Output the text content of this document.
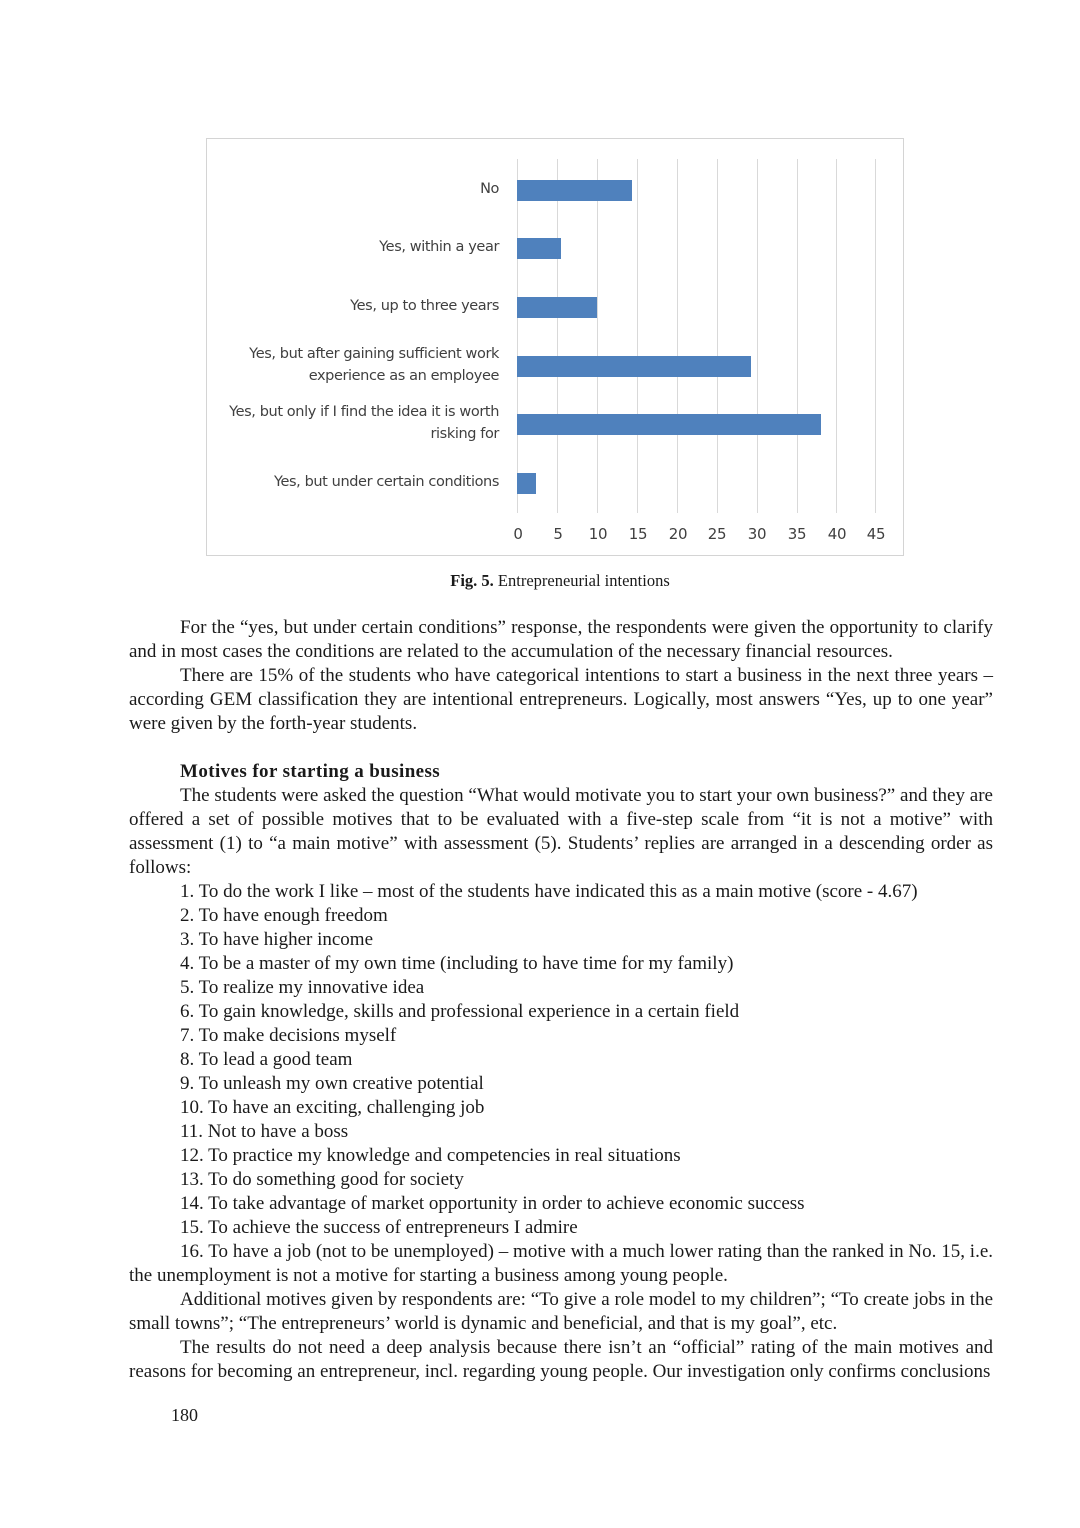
No
Yes, within a year
Yes, up to three years
Yes, but after gaining sufficient work
experience as an employee
Yes, but only if I find the idea it is worth
risking for
Yes, but under certain conditions
0	5	10	15	20	25	30	35	40	45
Fig. 5. Entrepreneurial intentions

For the “yes, but under certain conditions” response, the respondents were given the opportunity to clarify and in most cases the conditions are related to the accumulation of the necessary financial resources.

There are 15% of the students who have categorical intentions to start a business in the next three years – according GEM classification they are intentional entrepreneurs. Logically, most answers “Yes, up to one year” were given by the forth-year students.

Motives for starting a business

The students were asked the question “What would motivate you to start your own business?” and they are offered a set of possible motives that to be evaluated with a five-step scale from “it is not a motive” with assessment (1) to “a main motive” with assessment (5). Students’ replies are arranged in a descending order as follows:

1. To do the work I like – most of the students have indicated this as a main motive (score - 4.67)

2. To have enough freedom

3. To have higher income

4. To be a master of my own time (including to have time for my family)

5. To realize my innovative idea

6. To gain knowledge, skills and professional experience in a certain field

7. To make decisions myself

8. To lead a good team

9. To unleash my own creative potential

10. To have an exciting, challenging job

11. Not to have a boss

12. To practice my knowledge and competencies in real situations

13. To do something good for society

14. To take advantage of market opportunity in order to achieve economic success

15. To achieve the success of entrepreneurs I admire

16. To have a job (not to be unemployed) – motive with a much lower rating than the ranked in No. 15, i.e. the unemployment is not a motive for starting a business among young people.

Additional motives given by respondents are: “To give a role model to my children”; “To create jobs in the small towns”; “The entrepreneurs’ world is dynamic and beneficial, and that is my goal”, etc.

The results do not need a deep analysis because there isn’t an “official” rating of the main motives and reasons for becoming an entrepreneur, incl. regarding young people. Our investigation only confirms conclusions

180
